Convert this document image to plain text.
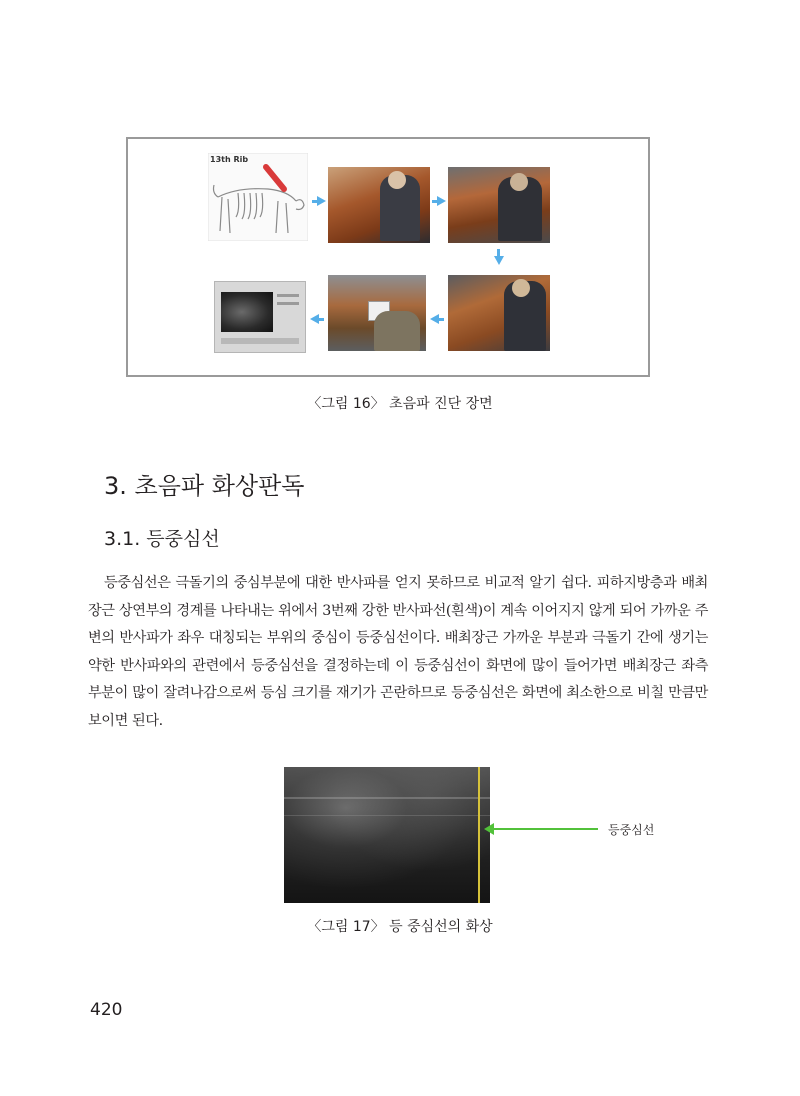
13th Rib
〈그림 16〉 초음파 진단 장면
3. 초음파 화상판독
3.1. 등중심선
등중심선은 극돌기의 중심부분에 대한 반사파를 얻지 못하므로 비교적 알기 쉽다. 피하지방층과 배최장근 상연부의 경계를 나타내는 위에서 3번째 강한 반사파선(흰색)이 계속 이어지지 않게 되어 가까운 주변의 반사파가 좌우 대칭되는 부위의 중심이 등중심선이다. 배최장근 가까운 부분과 극돌기 간에 생기는 약한 반사파와의 관련에서 등중심선을 결정하는데 이 등중심선이 화면에 많이 들어가면 배최장근 좌측 부분이 많이 잘려나감으로써 등심 크기를 재기가 곤란하므로 등중심선은 화면에 최소한으로 비칠 만큼만 보이면 된다.
등중심선
〈그림 17〉 등 중심선의 화상
420
